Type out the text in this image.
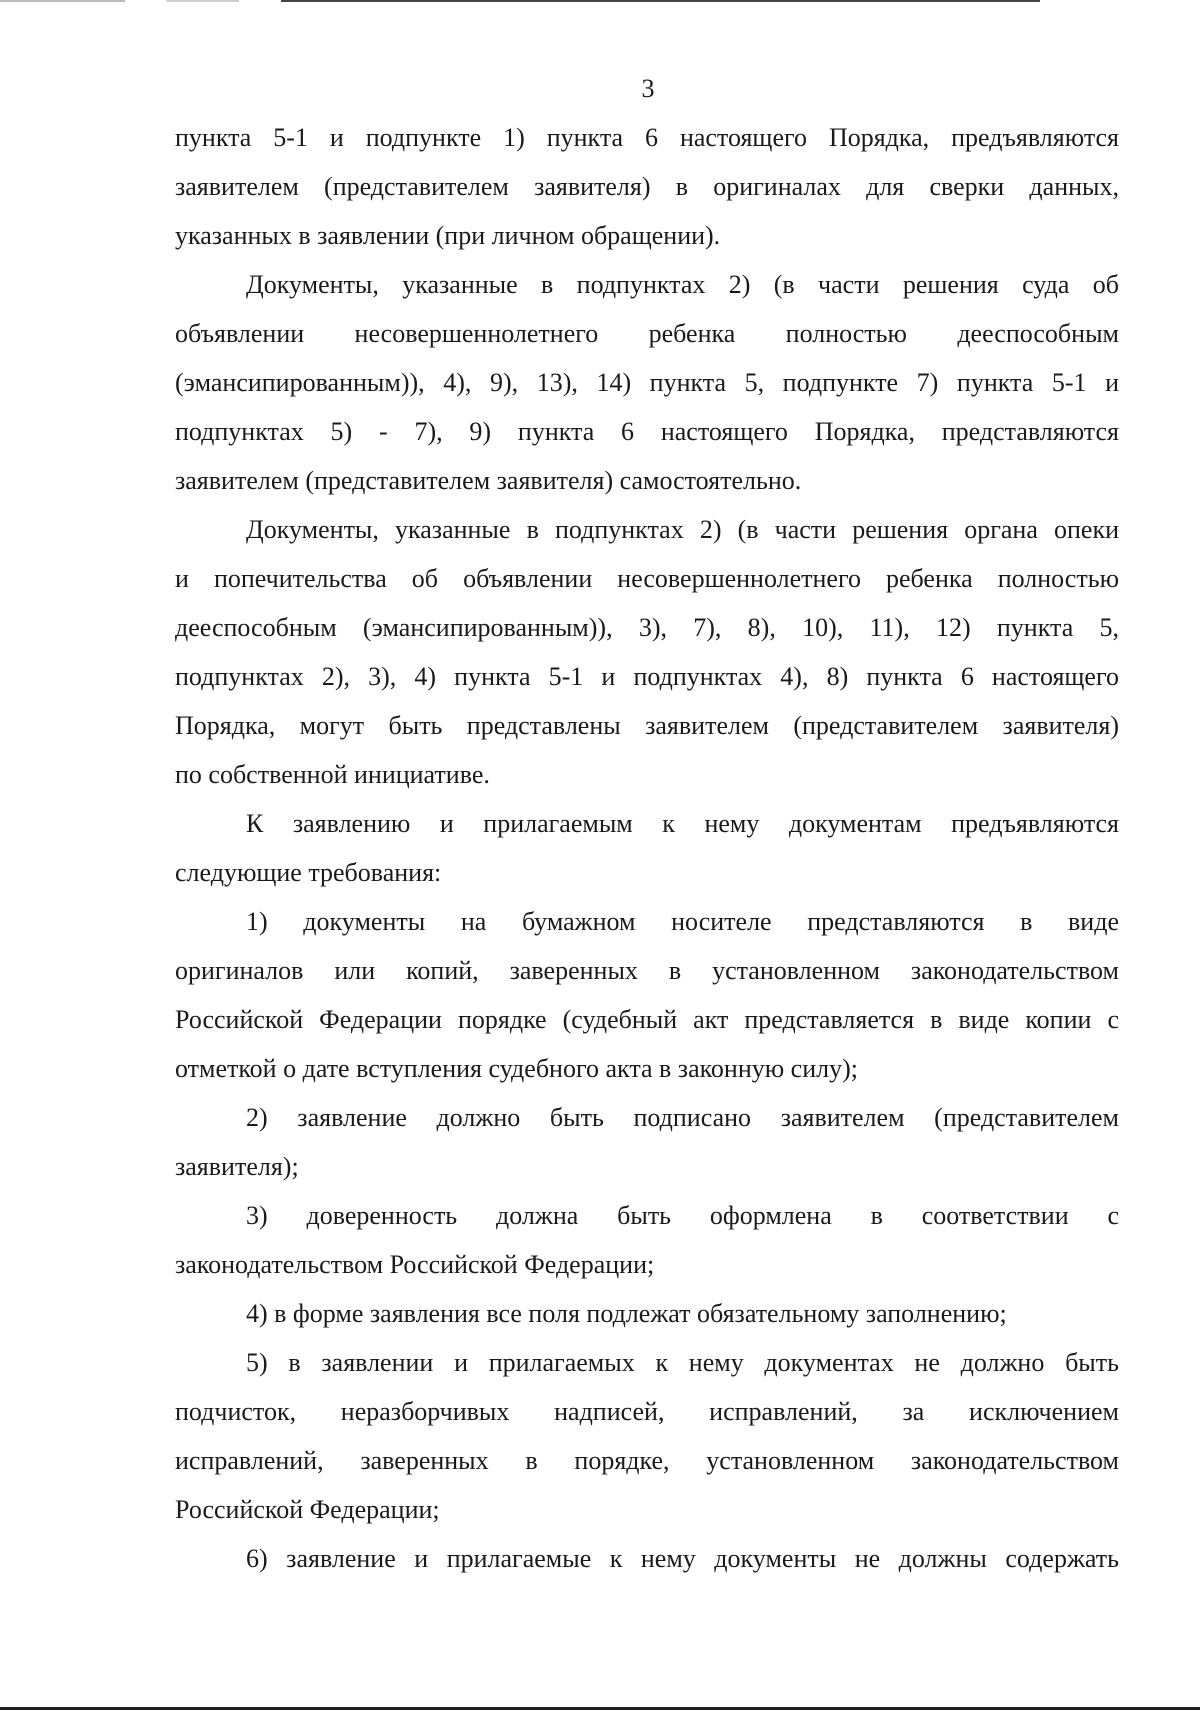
3
пункта 5-1 и подпункте 1) пункта 6 настоящего Порядка, предъявляются
заявителем (представителем заявителя) в оригиналах для сверки данных,
указанных в заявлении (при личном обращении).
Документы, указанные в подпунктах 2) (в части решения суда об
объявлении несовершеннолетнего ребенка полностью дееспособным
(эмансипированным)), 4), 9), 13), 14) пункта 5, подпункте 7) пункта 5-1 и
подпунктах 5) - 7), 9) пункта 6 настоящего Порядка, представляются
заявителем (представителем заявителя) самостоятельно.
Документы, указанные в подпунктах 2) (в части решения органа опеки
и попечительства об объявлении несовершеннолетнего ребенка полностью
дееспособным (эмансипированным)), 3), 7), 8), 10), 11), 12) пункта 5,
подпунктах 2), 3), 4) пункта 5-1 и подпунктах 4), 8) пункта 6 настоящего
Порядка, могут быть представлены заявителем (представителем заявителя)
по собственной инициативе.
К заявлению и прилагаемым к нему документам предъявляются
следующие требования:
1) документы на бумажном носителе представляются в виде
оригиналов или копий, заверенных в установленном законодательством
Российской Федерации порядке (судебный акт представляется в виде копии с
отметкой о дате вступления судебного акта в законную силу);
2) заявление должно быть подписано заявителем (представителем
заявителя);
3) доверенность должна быть оформлена в соответствии с
законодательством Российской Федерации;
4) в форме заявления все поля подлежат обязательному заполнению;
5) в заявлении и прилагаемых к нему документах не должно быть
подчисток, неразборчивых надписей, исправлений, за исключением
исправлений, заверенных в порядке, установленном законодательством
Российской Федерации;
6) заявление и прилагаемые к нему документы не должны содержать
